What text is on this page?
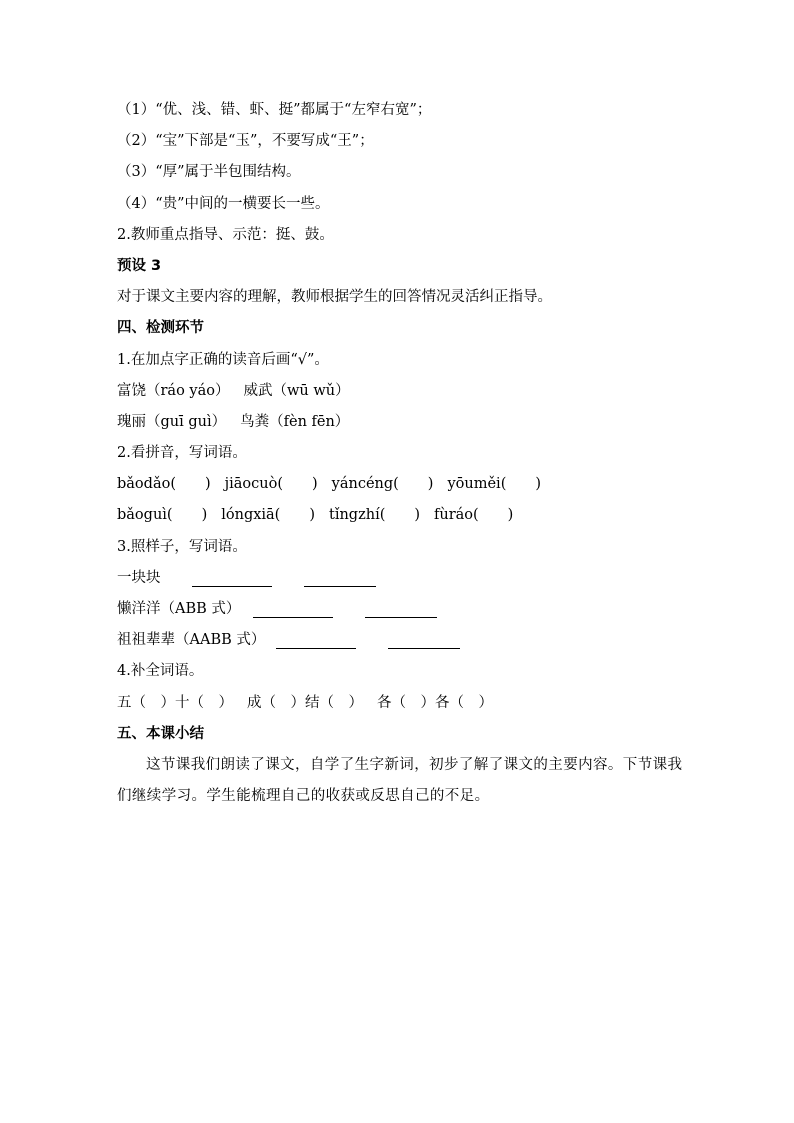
（1）“优、浅、错、虾、挺”都属于“左窄右宽”；
（2）“宝”下部是“玉”，不要写成“王”；
（3）“厚”属于半包围结构。
（4）“贵”中间的一横要长一些。
2.教师重点指导、示范：挺、鼓。
预设 3
对于课文主要内容的理解，教师根据学生的回答情况灵活纠正指导。
四、检测环节
1.在加点字正确的读音后画“√”。
富饶（ráo yáo） 威武（wū wǔ）
瑰丽（guī guì） 鸟粪（fèn fēn）
2.看拼音，写词语。
bǎodǎo(　　) jiāocuò(　　) yáncéng(　　) yōuměi(　　)
bǎoguì(　　) lóngxiā(　　) tǐngzhí(　　) fùráo(　　)
3.照样子，写词语。
一块块
懒洋洋（ABB 式）
祖祖辈辈（AABB 式）
4.补全词语。
五（　）十（　） 成（　）结（　） 各（　）各（　）
五、本课小结
这节课我们朗读了课文，自学了生字新词，初步了解了课文的主要内容。下节课我们继续学习。学生能梳理自己的收获或反思自己的不足。
